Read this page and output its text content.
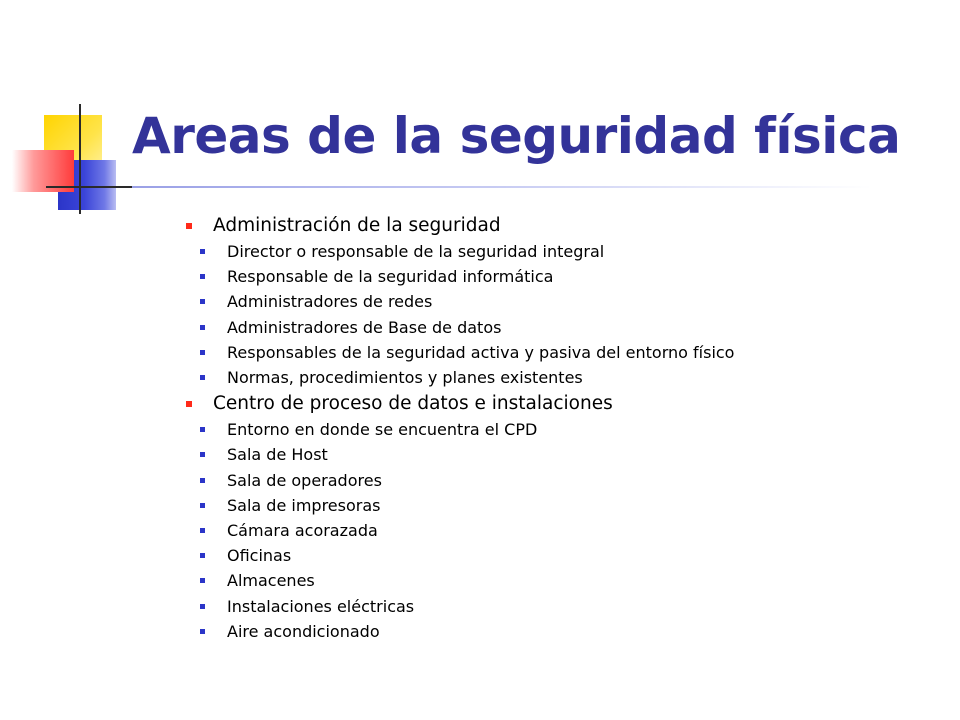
Areas de la seguridad física
Administración de la seguridad
Director o responsable de la seguridad integral
Responsable de la seguridad informática
Administradores de redes
Administradores de Base de datos
Responsables de la seguridad activa y pasiva del entorno físico
Normas, procedimientos y planes existentes
Centro de proceso de datos e instalaciones
Entorno en donde se encuentra el CPD
Sala de Host
Sala de operadores
Sala de impresoras
Cámara acorazada
Oficinas
Almacenes
Instalaciones eléctricas
Aire acondicionado
